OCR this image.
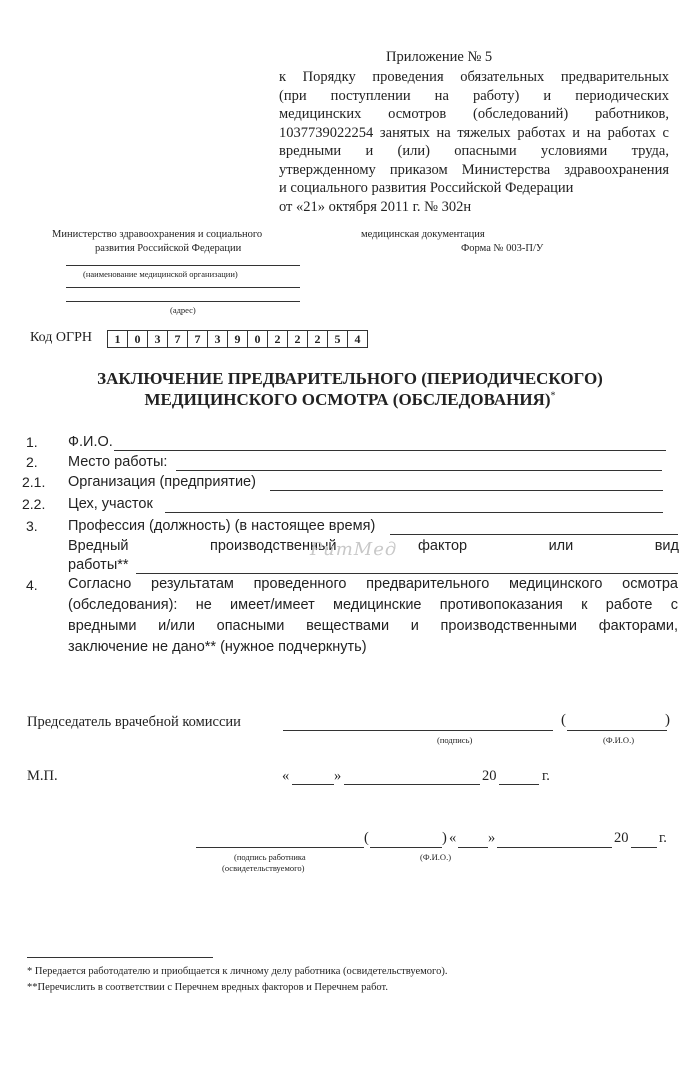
Приложение № 5
к Порядку проведения обязательных предварительных
(при поступлении на работу) и периодических
медицинских осмотров (обследований) работников,
1037739022254 занятых на тяжелых работах и на работах с
вредными и (или) опасными условиями труда,
утвержденному приказом Министерства здравоохранения
и социального развития Российской Федерации
от «21» октября 2011 г. № 302н
Министерство здравоохранения и социального
развития Российской Федерации
(наименование медицинской организации)
(адрес)
медицинская документация
Форма № 003-П/У
Код ОГРН	1	0	3	7	7	3	9	0	2	2	2	5	4
ЗАКЛЮЧЕНИЕ ПРЕДВАРИТЕЛЬНОГО (ПЕРИОДИЧЕСКОГО)
МЕДИЦИНСКОГО ОСМОТРА (ОБСЛЕДОВАНИЯ)*
1. Ф.И.О.
2. Место работы:
2.1. Организация (предприятие)
2.2. Цех, участок
3. Профессия (должность) (в настоящее время)
Вредный	производственный	фактор	или	вид
работы**
РитМед
4. Согласно результатам проведенного предварительного медицинского осмотра
(обследования): не имеет/имеет медицинские противопоказания к работе с
вредными и/или опасными веществами и производственными факторами,
заключение не дано** (нужное подчеркнуть)
Председатель врачебной комиссии	(	)
(подпись)	(Ф.И.О.)
М.П.	«	»	20	г.
(	) « »	20 г.
(подпись работника
(освидетельствуемого)
(Ф.И.О.)
* Передается работодателю и приобщается к личному делу работника (освидетельствуемого).
**Перечислить в соответствии с Перечнем вредных факторов и Перечнем работ.
